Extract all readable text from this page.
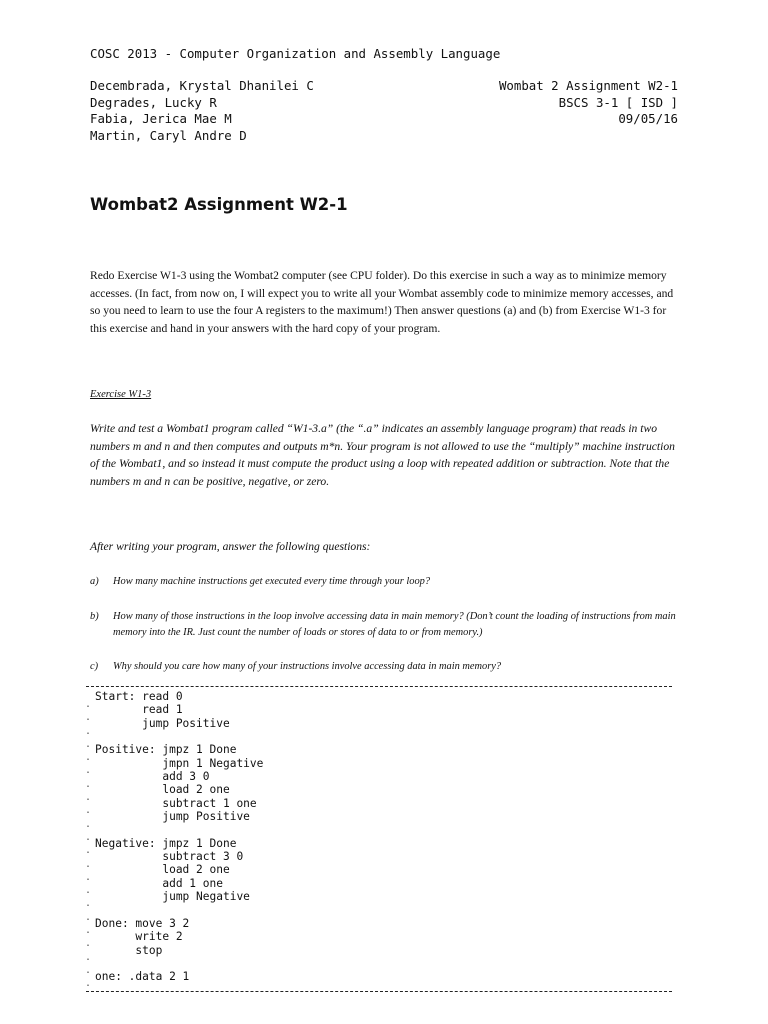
COSC 2013 - Computer Organization and Assembly Language
Decembrada, Krystal Dhanilei C
Degrades, Lucky R
Fabia, Jerica Mae M
Martin, Caryl Andre D
Wombat 2 Assignment W2-1
BSCS 3-1 [ ISD ]
09/05/16
Wombat2 Assignment W2-1
Redo Exercise W1-3 using the Wombat2 computer (see CPU folder). Do this exercise in such a way as to minimize memory accesses. (In fact, from now on, I will expect you to write all your Wombat assembly code to minimize memory accesses, and so you need to learn to use the four A registers to the maximum!) Then answer questions (a) and (b) from Exercise W1-3 for this exercise and hand in your answers with the hard copy of your program.
Exercise W1-3
Write and test a Wombat1 program called “W1-3.a” (the “.a” indicates an assembly language program) that reads in two numbers m and n and then computes and outputs m*n. Your program is not allowed to use the “multiply” machine instruction of the Wombat1, and so instead it must compute the product using a loop with repeated addition or subtraction. Note that the numbers m and n can be positive, negative, or zero.
After writing your program, answer the following questions:
a) How many machine instructions get executed every time through your loop?
b) How many of those instructions in the loop involve accessing data in main memory? (Don’t count the loading of instructions from main memory into the IR. Just count the number of loads or stores of data to or from memory.)
c) Why should you care how many of your instructions involve accessing data in main memory?
.
.
.
.
.
.
.
.
.
.
.
.
.
.
.
.
.
.
.
.
.
.
Start: read 0
read 1
jump Positive
Positive: jmpz 1 Done
jmpn 1 Negative
add 3 0
load 2 one
subtract 1 one
jump Positive
Negative: jmpz 1 Done
subtract 3 0
load 2 one
add 1 one
jump Negative
Done: move 3 2
write 2
stop
one: .data 2 1
